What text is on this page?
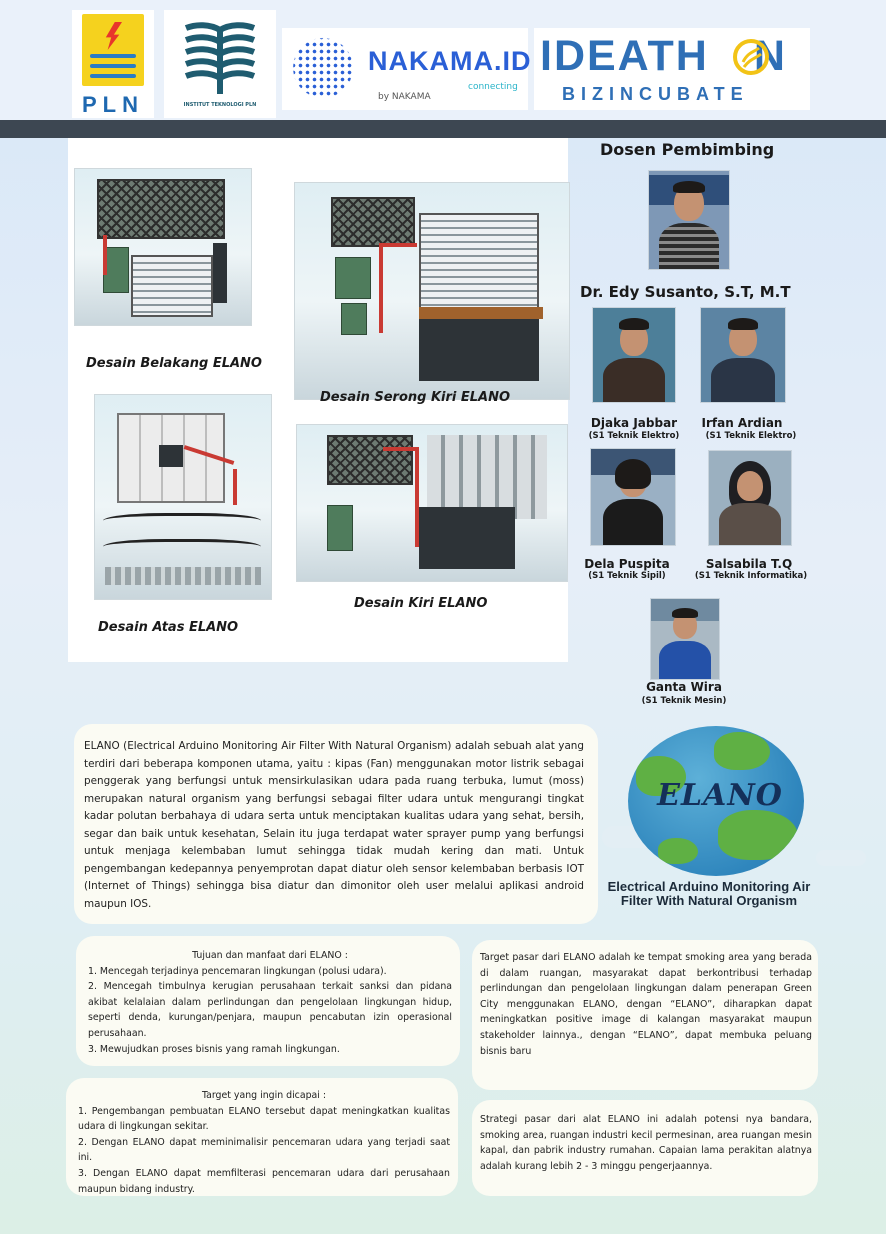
PLN	INSTITUT TEKNOLOGI PLN
NAKAMA.ID
connecting
by NAKAMA
IDEATH N
BIZINCUBATE
Desain Belakang ELANO
Desain Serong Kiri ELANO
Desain Atas ELANO
Desain Kiri ELANO
Dosen Pembimbing
Dr. Edy Susanto, S.T, M.T
Djaka Jabbar
(S1 Teknik Elektro)
Irfan Ardian
(S1 Teknik Elektro)
Dela Puspita
(S1 Teknik Sipil)
Salsabila T.Q
(S1 Teknik Informatika)
Ganta Wira
(S1 Teknik Mesin)
ELANO
Electrical Arduino Monitoring Air Filter With Natural Organism
ELANO (Electrical Arduino Monitoring Air Filter With Natural Organism) adalah sebuah alat yang terdiri dari beberapa komponen utama, yaitu : kipas (Fan) menggunakan motor listrik sebagai penggerak yang berfungsi untuk mensirkulasikan udara pada ruang terbuka, lumut (moss) merupakan natural organism yang berfungsi sebagai filter udara untuk mengurangi tingkat kadar polutan berbahaya di udara serta untuk menciptakan kualitas udara yang sehat, bersih, segar dan baik untuk kesehatan, Selain itu juga terdapat water sprayer pump yang berfungsi untuk menjaga kelembaban lumut sehingga tidak mudah kering dan mati. Untuk pengembangan kedepannya penyemprotan dapat diatur oleh sensor kelembaban berbasis IOT (Internet of Things) sehingga bisa diatur dan dimonitor oleh user melalui aplikasi android maupun IOS.
Tujuan dan manfaat dari ELANO :
1. Mencegah terjadinya pencemaran lingkungan (polusi udara).
2. Mencegah timbulnya kerugian perusahaan terkait sanksi dan pidana akibat kelalaian dalam perlindungan dan pengelolaan lingkungan hidup, seperti denda, kurungan/penjara, maupun pencabutan izin operasional perusahaan.
3. Mewujudkan proses bisnis yang ramah lingkungan.
Target yang ingin dicapai :
1. Pengembangan pembuatan ELANO tersebut dapat meningkatkan kualitas udara di lingkungan sekitar.
2. Dengan ELANO dapat meminimalisir pencemaran udara yang terjadi saat ini.
3. Dengan ELANO dapat memfilterasi pencemaran udara dari perusahaan maupun bidang industry.
Target pasar dari ELANO adalah ke tempat smoking area yang berada di dalam ruangan, masyarakat dapat berkontribusi terhadap perlindungan dan pengelolaan lingkungan dalam penerapan Green City menggunakan ELANO, dengan “ELANO”, diharapkan dapat meningkatkan positive image di kalangan masyarakat maupun stakeholder lainnya., dengan “ELANO”, dapat membuka peluang bisnis baru
Strategi pasar dari alat ELANO ini adalah potensi nya bandara, smoking area, ruangan industri kecil permesinan, area ruangan mesin kapal, dan pabrik industry rumahan. Capaian lama perakitan alatnya adalah kurang lebih 2 - 3 minggu pengerjaannya.
